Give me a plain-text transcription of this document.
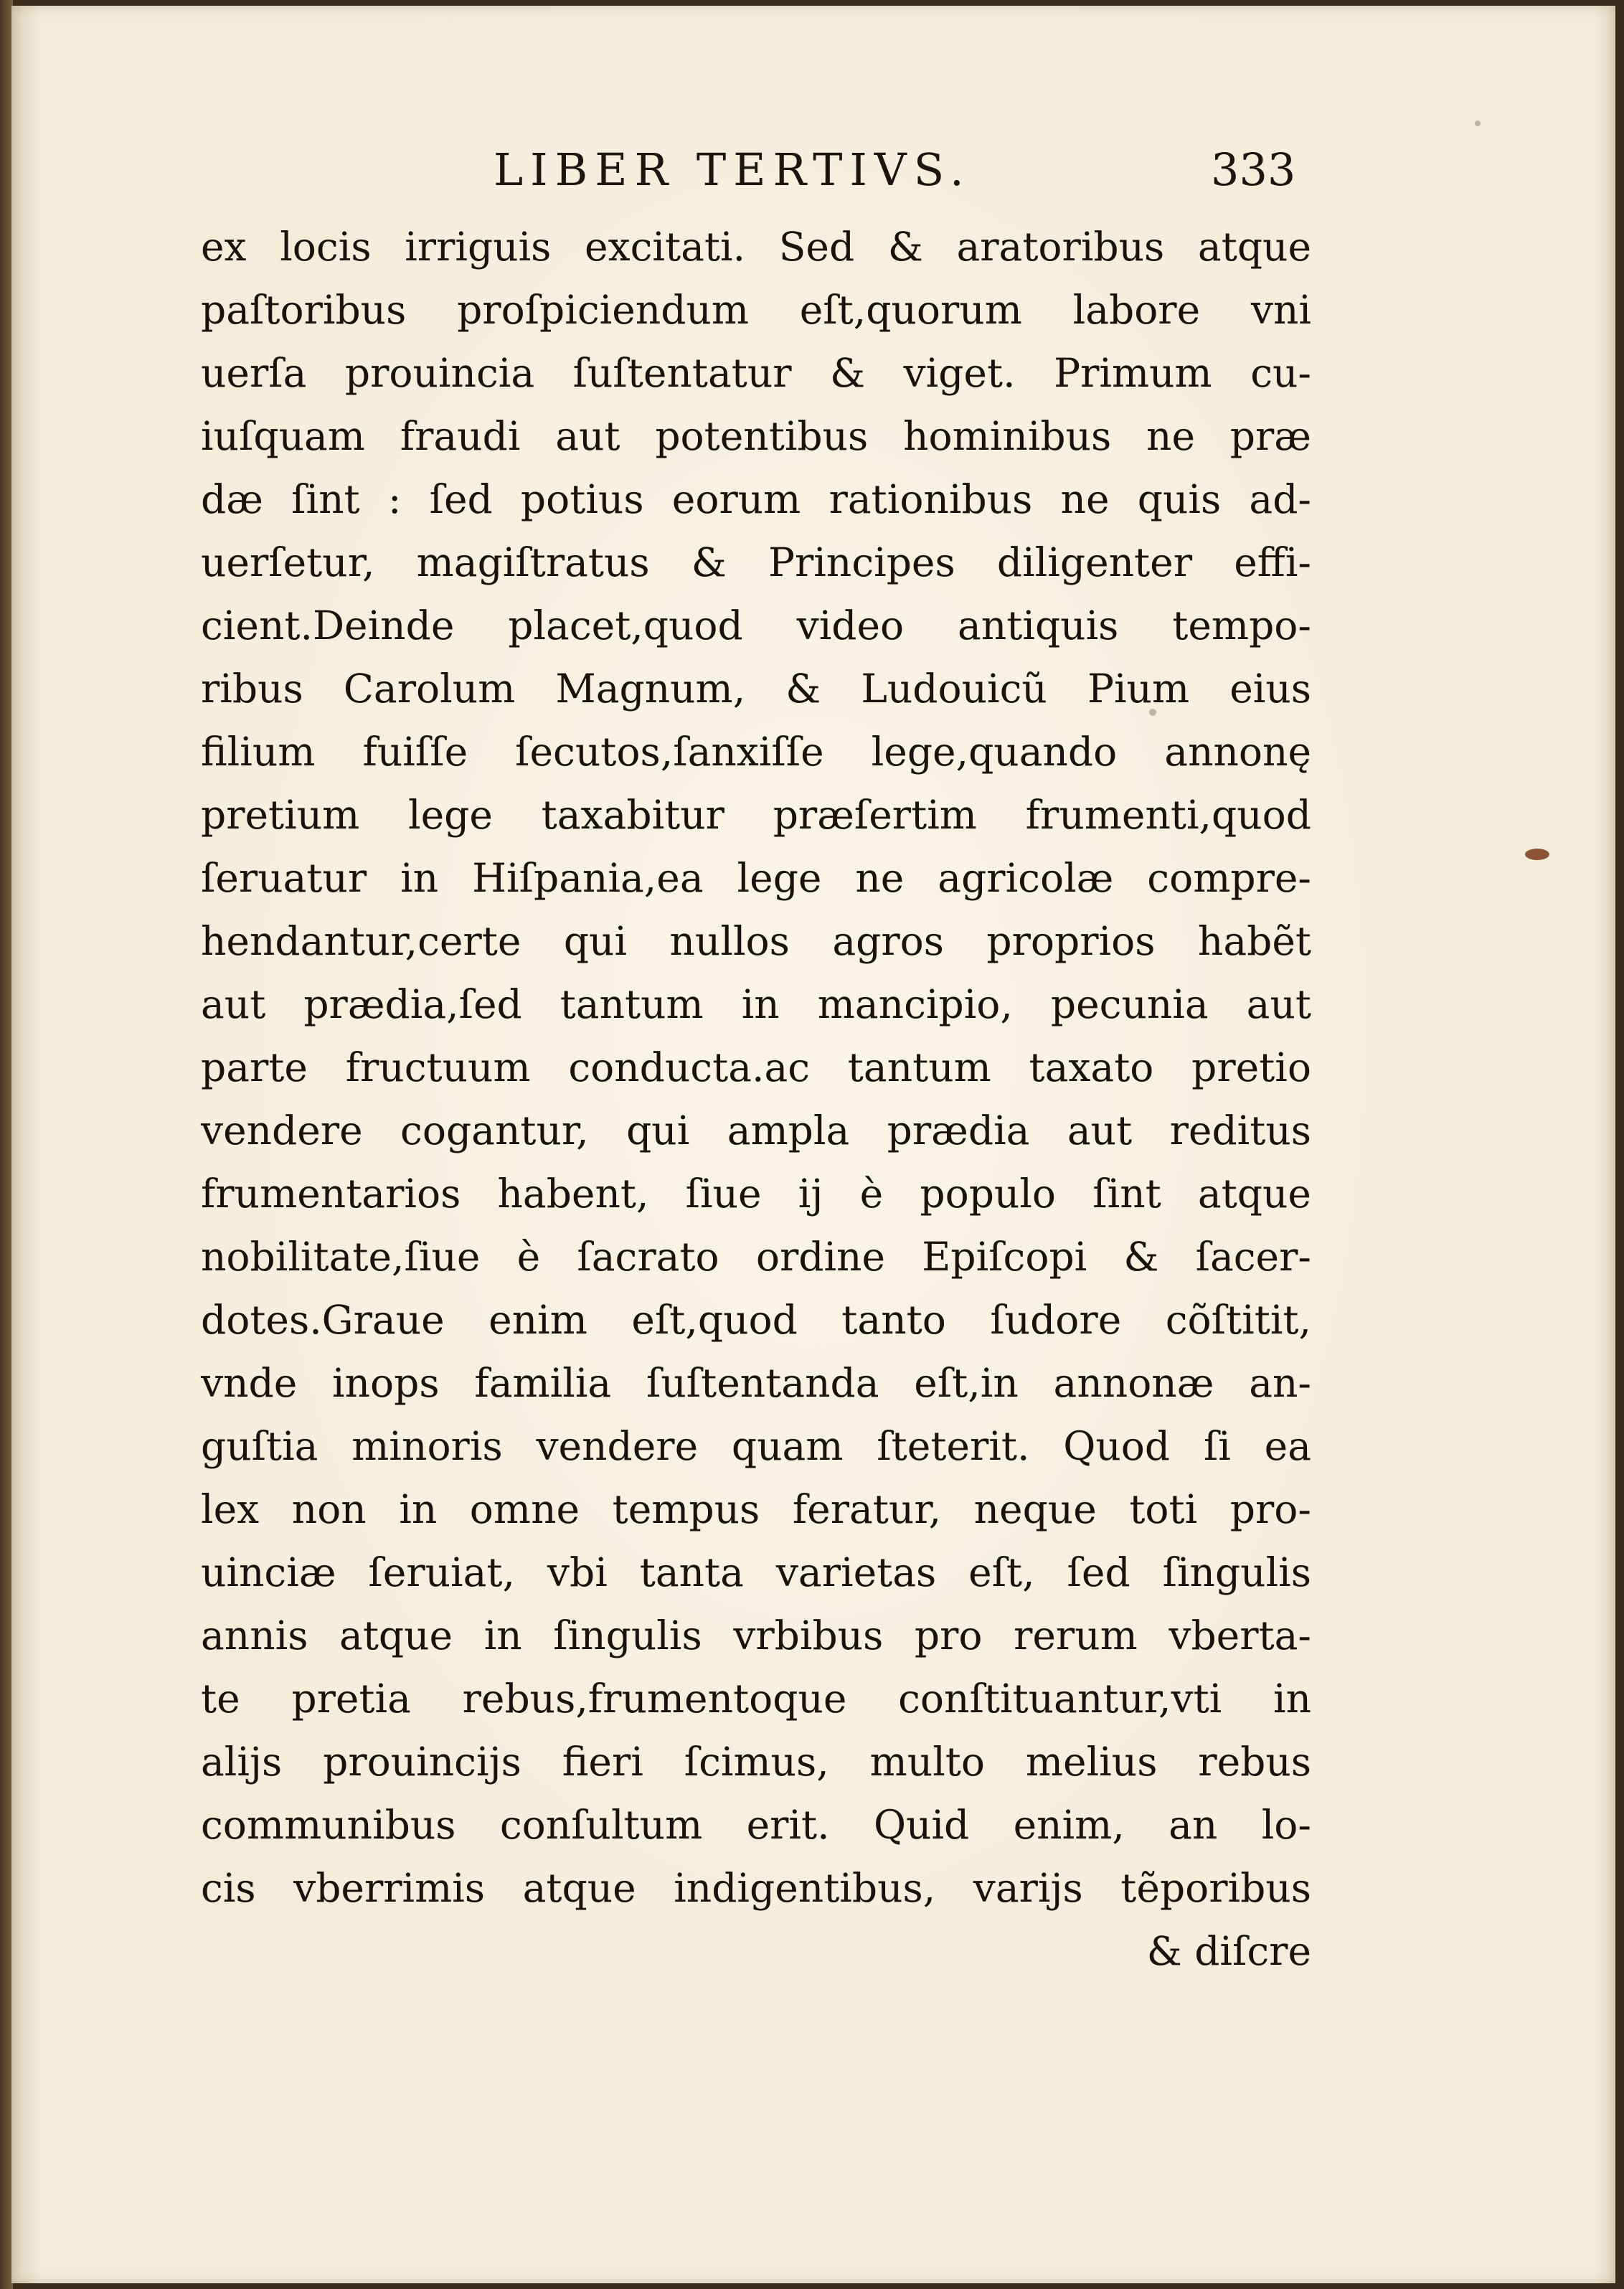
LIBER TERTIVS.	333
ex locis irriguis excitati. Sed & aratoribus atque
paſtoribus proſpiciendum eſt,quorum labore vni
uerſa prouincia ſuſtentatur & viget. Primum cu-
iuſquam fraudi aut potentibus hominibus ne præ
dæ ſint : ſed potius eorum rationibus ne quis ad-
uerſetur, magiſtratus & Principes diligenter effi-
cient.Deinde placet,quod video antiquis tempo-
ribus Carolum Magnum, & Ludouicũ Pium eius
filium fuiſſe ſecutos,ſanxiſſe lege,quando annonę
pretium lege taxabitur præſertim frumenti,quod
ſeruatur in Hiſpania,ea lege ne agricolæ compre-
hendantur,certe qui nullos agros proprios habẽt
aut prædia,ſed tantum in mancipio, pecunia aut
parte fructuum conducta.ac tantum taxato pretio
vendere cogantur, qui ampla prædia aut reditus
frumentarios habent, ſiue ij è populo ſint atque
nobilitate,ſiue è ſacrato ordine Epiſcopi & ſacer-
dotes.Graue enim eſt,quod tanto ſudore cõſtitit,
vnde inops familia ſuſtentanda eſt,in annonæ an-
guſtia minoris vendere quam ſteterit. Quod ſi ea
lex non in omne tempus feratur, neque toti pro-
uinciæ ſeruiat, vbi tanta varietas eſt, ſed ſingulis
annis atque in ſingulis vrbibus pro rerum vberta-
te pretia rebus,frumentoque conſtituantur,vti in
alijs prouincijs fieri ſcimus, multo melius rebus
communibus conſultum erit. Quid enim, an lo-
cis vberrimis atque indigentibus, varijs tẽporibus
& diſcre
